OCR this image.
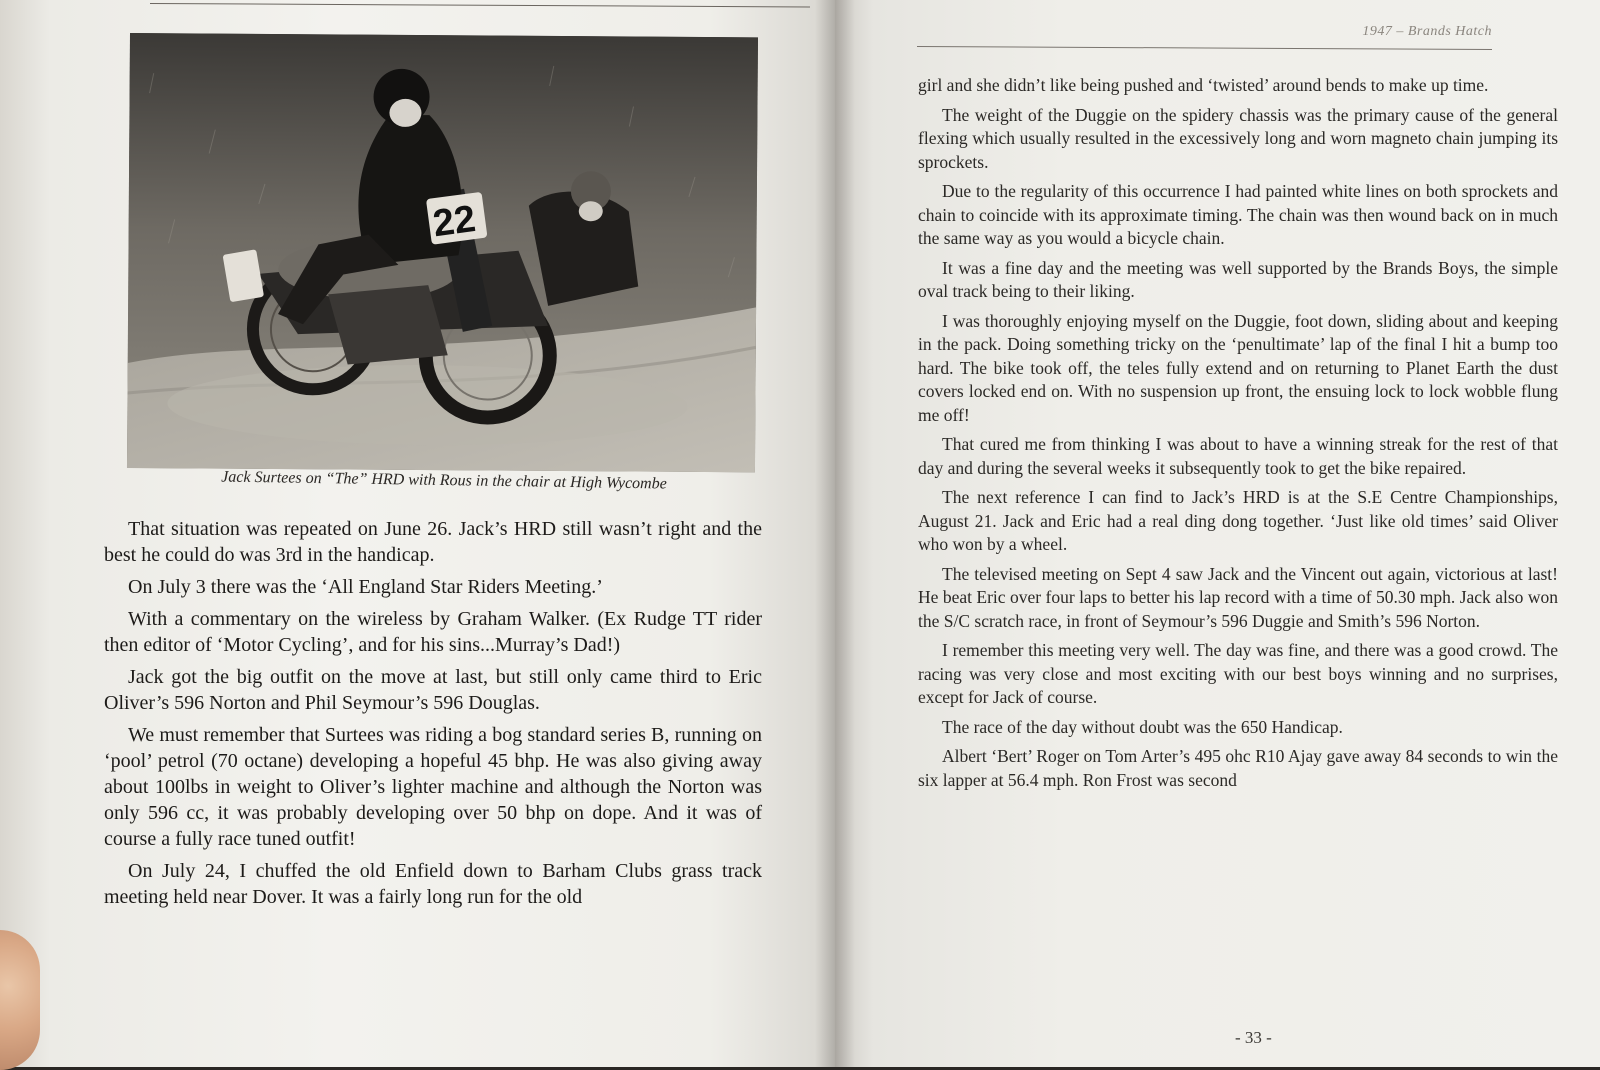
22
Jack Surtees on “The” HRD with Rous in the chair at High Wycombe

That situation was repeated on June 26. Jack’s HRD still wasn’t right and the best he could do was 3rd in the handicap.

On July 3 there was the ‘All England Star Riders Meeting.’

With a commentary on the wireless by Graham Walker. (Ex Rudge TT rider then editor of ‘Motor Cycling’, and for his sins...Murray’s Dad!)

Jack got the big outfit on the move at last, but still only came third to Eric Oliver’s 596 Norton and Phil Seymour’s 596 Douglas.

We must remember that Surtees was riding a bog standard series B, running on ‘pool’ petrol (70 octane) developing a hopeful 45 bhp. He was also giving away about 100lbs in weight to Oliver’s lighter machine and although the Norton was only 596 cc, it was probably developing over 50 bhp on dope. And it was of course a fully race tuned outfit!

On July 24, I chuffed the old Enfield down to Barham Clubs grass track meeting held near Dover. It was a fairly long run for the old

1947 – Brands Hatch

girl and she didn’t like being pushed and ‘twisted’ around bends to make up time.

The weight of the Duggie on the spidery chassis was the primary cause of the general flexing which usually resulted in the excessively long and worn magneto chain jumping its sprockets.

Due to the regularity of this occurrence I had painted white lines on both sprockets and chain to coincide with its approximate timing. The chain was then wound back on in much the same way as you would a bicycle chain.

It was a fine day and the meeting was well supported by the Brands Boys, the simple oval track being to their liking.

I was thoroughly enjoying myself on the Duggie, foot down, sliding about and keeping in the pack. Doing something tricky on the ‘penultimate’ lap of the final I hit a bump too hard. The bike took off, the teles fully extend and on returning to Planet Earth the dust covers locked end on. With no suspension up front, the ensuing lock to lock wobble flung me off!

That cured me from thinking I was about to have a winning streak for the rest of that day and during the several weeks it subsequently took to get the bike repaired.

The next reference I can find to Jack’s HRD is at the S.E Centre Championships, August 21. Jack and Eric had a real ding dong together. ‘Just like old times’ said Oliver who won by a wheel.

The televised meeting on Sept 4 saw Jack and the Vincent out again, victorious at last! He beat Eric over four laps to better his lap record with a time of 50.30 mph. Jack also won the S/C scratch race, in front of Seymour’s 596 Duggie and Smith’s 596 Norton.

I remember this meeting very well. The day was fine, and there was a good crowd. The racing was very close and most exciting with our best boys winning and no surprises, except for Jack of course.

The race of the day without doubt was the 650 Handicap.

Albert ‘Bert’ Roger on Tom Arter’s 495 ohc R10 Ajay gave away 84 seconds to win the six lapper at 56.4 mph. Ron Frost was second

- 33 -
